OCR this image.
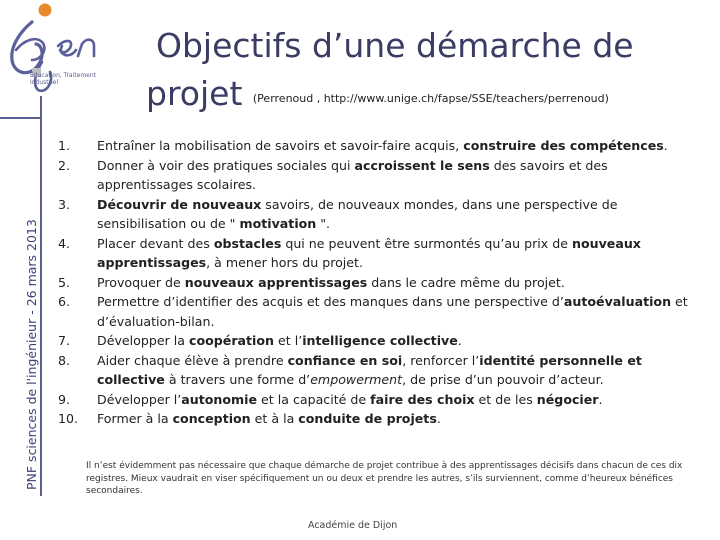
Éducation, Traitement Industriel
PNF sciences de l'ingénieur - 26 mars 2013
Objectifs d’une démarche de
projet (Perrenoud , http://www.unige.ch/fapse/SSE/teachers/perrenoud)
1.	Entraîner la mobilisation de savoirs et savoir-faire acquis, construire des compétences.
2.	Donner à voir des pratiques sociales qui accroissent le sens des savoirs et des apprentissages scolaires.
3.	Découvrir de nouveaux savoirs, de nouveaux mondes, dans une perspective de sensibilisation ou de " motivation ".
4.	Placer devant des obstacles qui ne peuvent être surmontés qu’au prix de nouveaux apprentissages, à mener hors du projet.
5.	Provoquer de nouveaux apprentissages dans le cadre même du projet.
6.	Permettre d’identifier des acquis et des manques dans une perspective d’autoévaluation et d’évaluation-bilan.
7.	Développer la coopération et l’intelligence collective.
8.	Aider chaque élève à prendre confiance en soi, renforcer l’identité personnelle et collective à travers une forme d’empowerment, de prise d’un pouvoir d’acteur.
9.	Développer l’autonomie et la capacité de faire des choix et de les négocier.
10.	Former à la conception et à la conduite de projets.
Il n’est évidemment pas nécessaire que chaque démarche de projet contribue à des apprentissages décisifs dans chacun de ces dix registres. Mieux vaudrait en viser spécifiquement un ou deux et prendre les autres, s’ils surviennent, comme d’heureux bénéfices secondaires.
Académie de Dijon
